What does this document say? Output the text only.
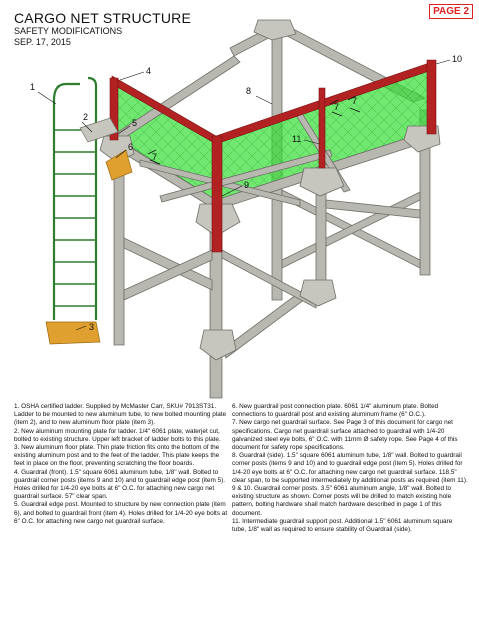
CARGO NET STRUCTURE
SAFETY MODIFICATIONS
SEP. 17, 2015
PAGE 2
1
2
3
4
5
6
7
7
7
8
9
10
11

1. OSHA certified ladder. Supplied by McMaster Carr, SKU# 7913ST31. Ladder to be mounted to new aluminum tube, to new bolted mounting plate (item 2), and to new aluminum floor plate (item 3).

2. New aluminum mounting plate for ladder. 1/4" 6061 plate, waterjet cut, bolted to existing structure. Upper left bracket of ladder bolts to this plate.

3. New aluminum floor plate. Thin plate friction fits onto the bottom of the existing aluminum post and to the feet of the ladder. This plate keeps the feet in place on the floor, preventing scratching the floor boards.

4. Guardrail (front). 1.5" square 6061 aluminum tube, 1/8" wall. Bolted to guardrail corner posts (items 9 and 10) and to guardrail edge post (item 5). Holes drilled for 1/4-20 eye bolts at 6" O.C. for attaching new cargo net guardrail surface. 57" clear span.

5. Guardrail edge post. Mounted to structure by new connection plate (item 6), and bolted to guardrail front (item 4). Holes drilled for 1/4-20 eye bolts at 6" O.C. for attaching new cargo net guardrail surface.

6. New guardrail post connection plate. 6061 1/4" aluminum plate. Bolted connections to guardrail post and existing aluminum frame (6" O.C.).

7. New cargo net guardrail surface. See Page 3 of this document for cargo net specifications. Cargo net guardrail surface attached to guardrail with 1/4-20 galvanized steel eye bolts, 6" O.C. with 11mm Ø safety rope. See Page 4 of this document for safety rope specifications.

8. Guardrail (side). 1.5" square 6061 aluminum tube, 1/8" wall. Bolted to guardrail corner posts (items 9 and 10) and to guardrail edge post (item 5). Holes drilled for 1/4-20 eye bolts at 6" O.C. for attaching new cargo net guardrail surface. 118.5" clear span, to be supported intermediately by additional posts as required (item 11).

9 & 10. Guardrail corner posts. 3.5" 6061 aluminum angle, 1/8" wall. Bolted to existing structure as shown. Corner posts will be drilled to match existing hole pattern, bolting hardware shall match hardware described in page 1 of this document.

11. Intermediate guardrail support post. Additional 1.5" 6061 aluminum square tube, 1/8" wall as required to ensure stability of Guardrail (side).
